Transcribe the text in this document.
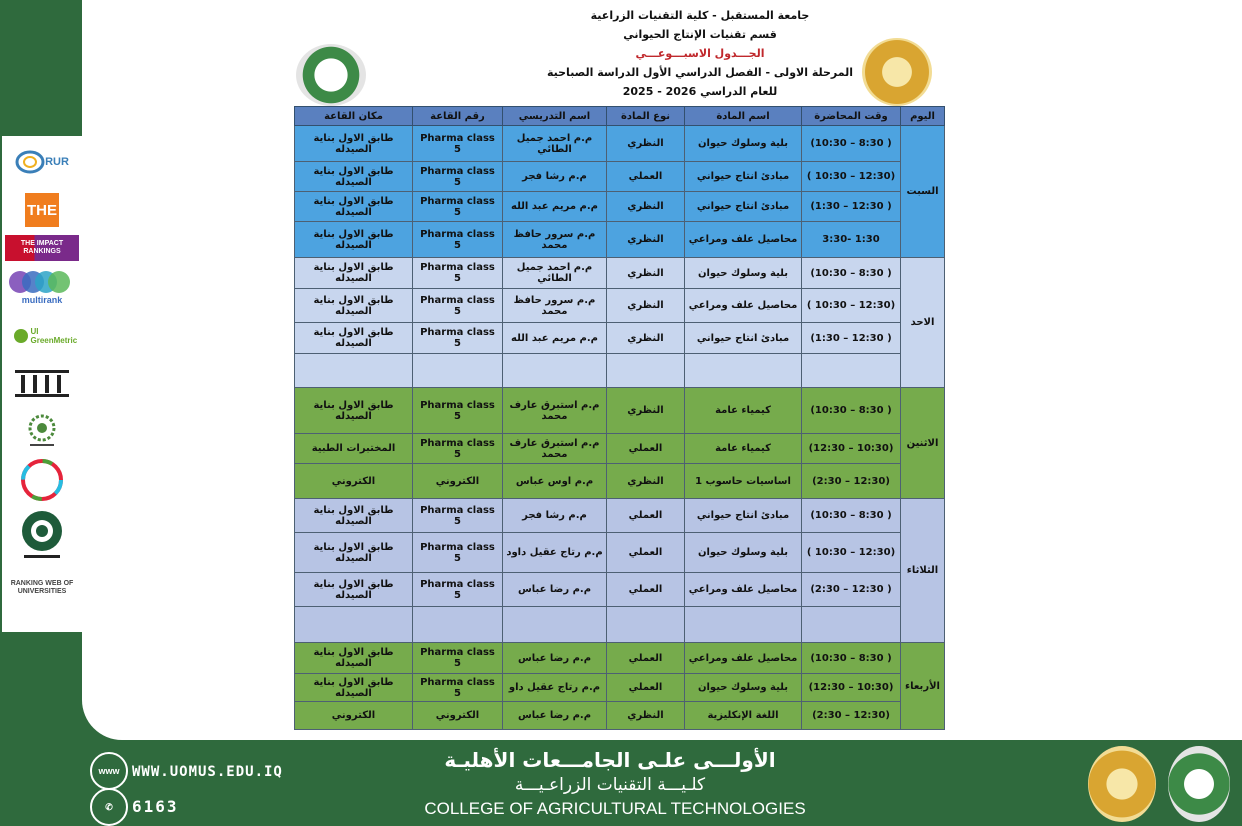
RUR
THE
THE IMPACT RANKINGS
multirank
UI GreenMetric
RANKING WEB OF UNIVERSITIES
جامعة المستقبل - كلية التقنيات الزراعية
قسم تقنيات الإنتاج الحيواني
الجـــدول الاسبـــوعـــي
المرحلة الاولى - الفصل الدراسي الأول الدراسة الصباحية
للعام الدراسي 2026 - 2025
اليوم	وقت المحاضرة	اسم المادة	نوع المادة	اسم التدريسي	رقم القاعة	مكان القاعة
السبت	( 8:30 – 10:30)	بلية وسلوك حيوان	النظري	م.م احمد جميل الطائي	Pharma class 5	طابق الاول بناية الصيدله
	(12:30 – 10:30 )	مبادئ انتاج حيواني	العملي	م.م رشا فجر	Pharma class 5	طابق الاول بناية الصيدله
	( 12:30 – 1:30)	مبادئ انتاج حيواني	النظري	م.م مريم عبد الله	Pharma class 5	طابق الاول بناية الصيدله
	1:30 -3:30	محاصيل علف ومراعي	النظري	م.م سرور حافظ محمد	Pharma class 5	طابق الاول بناية الصيدله
الاحد	( 8:30 – 10:30)	بلية وسلوك حيوان	النظري	م.م احمد جميل الطائي	Pharma class 5	طابق الاول بناية الصيدله
	(12:30 – 10:30 )	محاصيل علف ومراعي	النظري	م.م سرور حافظ محمد	Pharma class 5	طابق الاول بناية الصيدله
	( 12:30 – 1:30)	مبادئ انتاج حيواني	النظري	م.م مريم عبد الله	Pharma class 5	طابق الاول بناية الصيدله

الاثنين	( 8:30 – 10:30)	كيمياء عامة	النظري	م.م استبرق عارف محمد	Pharma class 5	طابق الاول بناية الصيدله
	(10:30 – 12:30)	كيمياء عامة	العملي	م.م استبرق عارف محمد	Pharma class 5	المختبرات الطبية
	(12:30 – 2:30)	اساسيات حاسوب 1	النظري	م.م اوس عباس	الكتروني	الكتروني
الثلاثاء	( 8:30 – 10:30)	مبادئ انتاج حيواني	العملي	م.م رشا فجر	Pharma class 5	طابق الاول بناية الصيدله
	(12:30 – 10:30 )	بلية وسلوك حيوان	العملي	م.م رتاج عقيل داود	Pharma class 5	طابق الاول بناية الصيدله
	( 12:30 – 2:30)	محاصيل علف ومراعي	العملي	م.م رضا عباس	Pharma class 5	طابق الاول بناية الصيدله

الأربعاء	( 8:30 – 10:30)	محاصيل علف ومراعي	العملي	م.م رضا عباس	Pharma class 5	طابق الاول بناية الصيدله
	(10:30 – 12:30)	بلية وسلوك حيوان	العملي	م.م رتاج عقيل داو	Pharma class 5	طابق الاول بناية الصيدله
	(12:30 – 2:30)	اللغة الإنكليزية	النظري	م.م رضا عباس	الكتروني	الكتروني
www WWW.UOMUS.EDU.IQ
✆	6163
الأولـــى علـى الجامـــعات الأهليـة
كلـيـــة التقنيات الزراعـيـــة
COLLEGE OF AGRICULTURAL TECHNOLOGIES
